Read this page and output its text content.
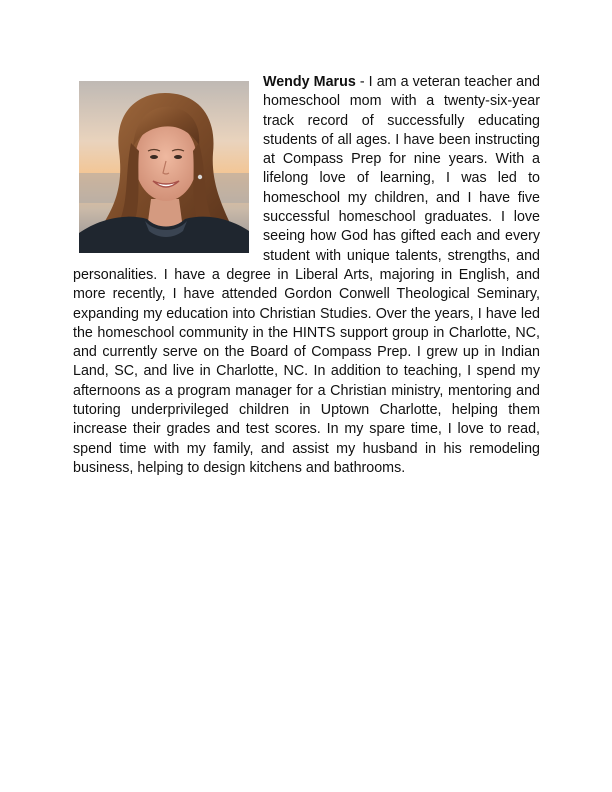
Wendy Marus - I am a veteran teacher and homeschool mom with a twenty-six-year track record of successfully educating students of all ages. I have been instructing at Compass Prep for nine years. With a lifelong love of learning, I was led to homeschool my children, and I have five successful homeschool graduates. I love seeing how God has gifted each and every student with unique talents, strengths, and personalities. I have a degree in Liberal Arts, majoring in English, and more recently, I have attended Gordon Conwell Theological Seminary, expanding my education into Christian Studies. Over the years, I have led the homeschool community in the HINTS support group in Charlotte, NC, and currently serve on the Board of Compass Prep. I grew up in Indian Land, SC, and live in Charlotte, NC. In addition to teaching, I spend my afternoons as a program manager for a Christian ministry, mentoring and tutoring underprivileged children in Uptown Charlotte, helping them increase their grades and test scores. In my spare time, I love to read, spend time with my family, and assist my husband in his remodeling business, helping to design kitchens and bathrooms.
